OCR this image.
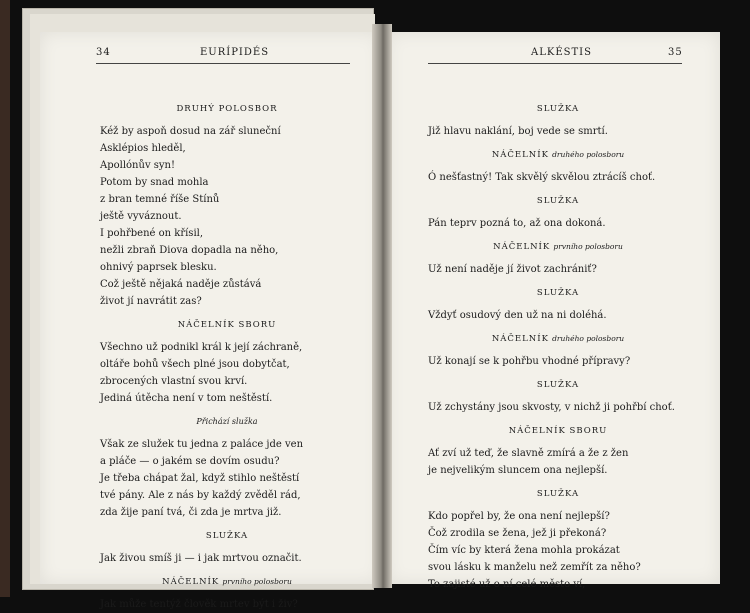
34	EURÍPIDÉS	ALKÉSTIS	35
DRUHÝ POLOSBOR
Kéž by aspoň dosud na zář sluneční
Asklépios hleděl,
Apollónův syn!
Potom by snad mohla
z bran temné říše Stínů
ještě vyváznout.
I pohřbené on křísil,
nežli zbraň Diova dopadla na něho,
ohnivý paprsek blesku.
Což ještě nějaká naděje zůstává
život jí navrátit zas?
NÁČELNÍK SBORU
Všechno už podnikl král k její záchraně,
oltáře bohů všech plné jsou dobytčat,
zbrocených vlastní svou krví.
Jediná útěcha není v tom neštěstí.
Přichází služka
Však ze služek tu jedna z paláce jde ven
a pláče — o jakém se dovím osudu?
Je třeba chápat žal, když stihlo neštěstí
tvé pány. Ale z nás by každý zvěděl rád,
zda žije paní tvá, či zda je mrtva již.
SLUŽKA
Jak živou smíš ji — i jak mrtvou označit.
NÁČELNÍK prvního polosboru
Jak může tentýž člověk mrtev být i živ?
SLUŽKA
Již hlavu naklání, boj vede se smrtí.
NÁČELNÍK druhého polosboru
Ó nešťastný! Tak skvělý skvělou ztrácíš choť.
SLUŽKA
Pán teprv pozná to, až ona dokoná.
NÁČELNÍK prvního polosboru
Už není naděje jí život zachrániť?
SLUŽKA
Vždyť osudový den už na ni doléhá.
NÁČELNÍK druhého polosboru
Už konají se k pohřbu vhodné přípravy?
SLUŽKA
Už zchystány jsou skvosty, v nichž ji pohřbí choť.
NÁČELNÍK SBORU
Ať zví už teď, že slavně zmírá a že z žen
je nejvelikým sluncem ona nejlepší.
SLUŽKA
Kdo popřel by, že ona není nejlepší?
Čož zrodila se žena, jež ji překoná?
Čím víc by která žena mohla prokázat
svou lásku k manželu než zemřít za něho?
To zajisté už o ní celé město ví,
